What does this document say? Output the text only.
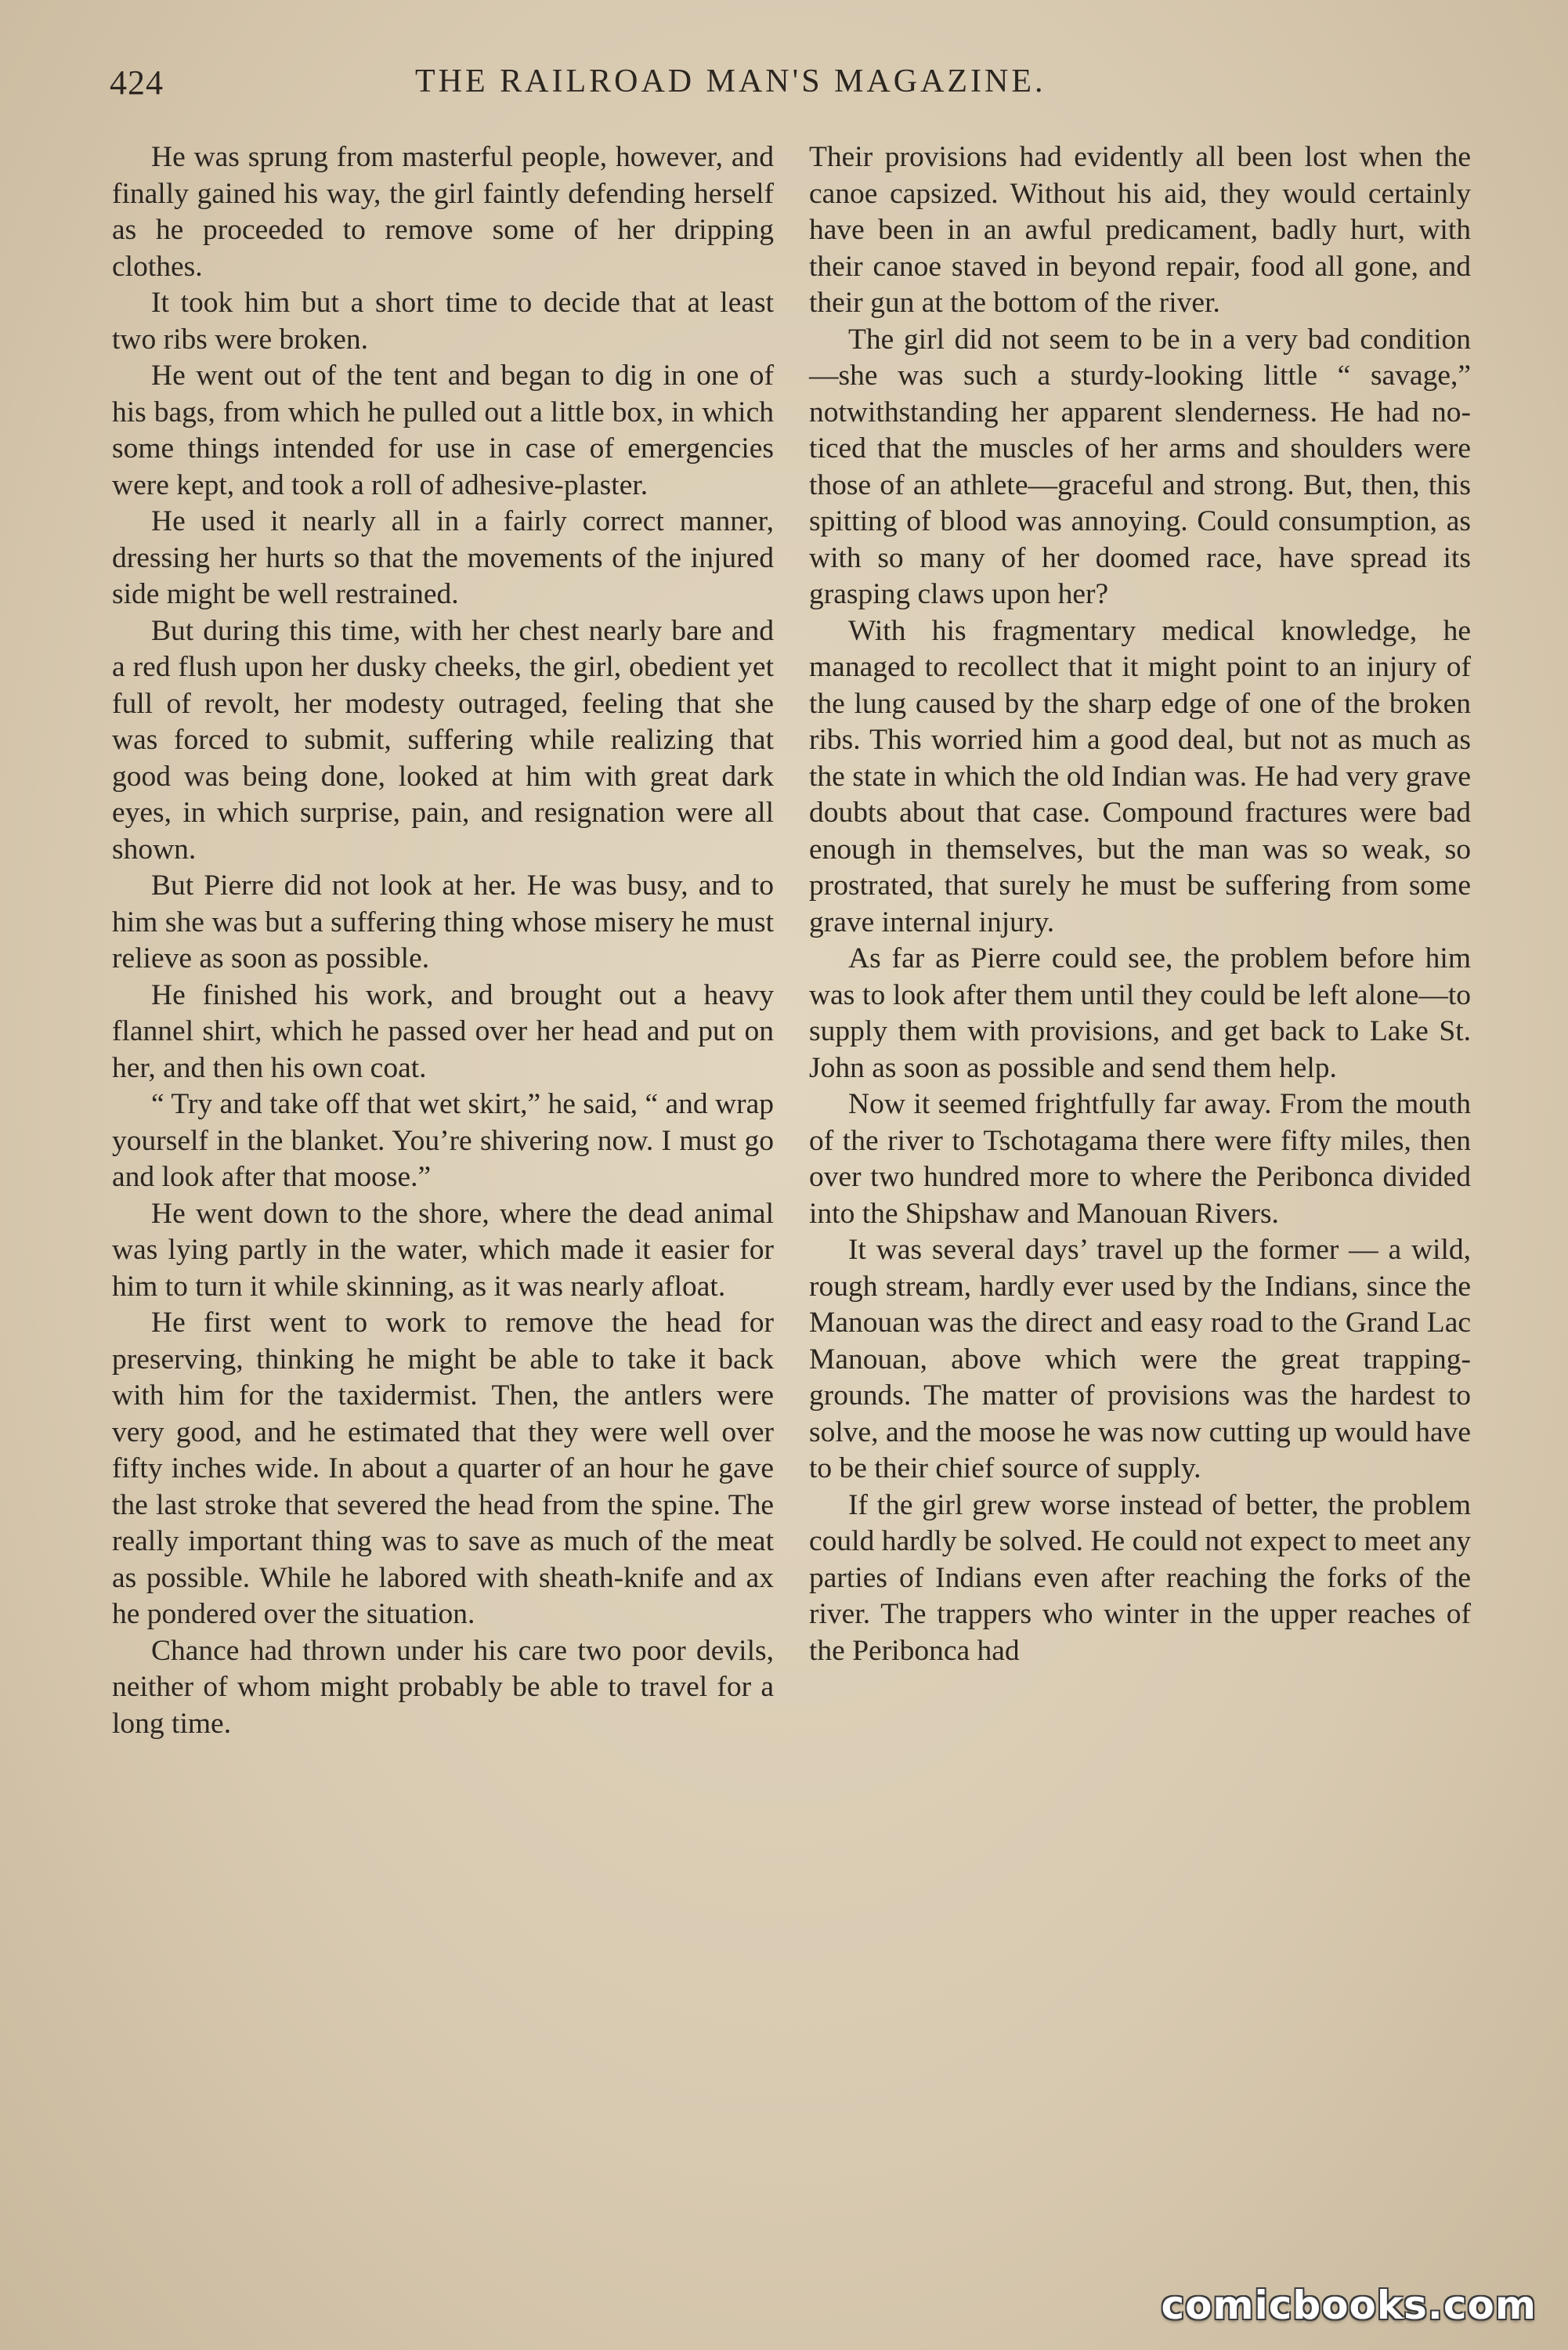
424	THE RAILROAD MAN'S MAGAZINE.

He was sprung from masterful people, however, and finally gained his way, the girl faintly defending herself as he proceeded to remove some of her dripping clothes.

It took him but a short time to decide that at least two ribs were broken.

He went out of the tent and began to dig in one of his bags, from which he pulled out a little box, in which some things intended for use in case of emergencies were kept, and took a roll of adhesive-plaster.

He used it nearly all in a fairly correct manner, dressing her hurts so that the movements of the injured side might be well restrained.

But during this time, with her chest nearly bare and a red flush upon her dusky cheeks, the girl, obedient yet full of revolt, her modesty outraged, feeling that she was forced to submit, suffering while realizing that good was being done, looked at him with great dark eyes, in which surprise, pain, and resignation were all shown.

But Pierre did not look at her. He was busy, and to him she was but a suffering thing whose misery he must relieve as soon as possible.

He finished his work, and brought out a heavy flannel shirt, which he passed over her head and put on her, and then his own coat.

“ Try and take off that wet skirt,” he said, “ and wrap yourself in the blanket. You’re shivering now. I must go and look after that moose.”

He went down to the shore, where the dead animal was lying partly in the water, which made it easier for him to turn it while skinning, as it was nearly afloat.

He first went to work to remove the head for preserving, thinking he might be able to take it back with him for the taxidermist. Then, the antlers were very good, and he estimated that they were well over fifty inches wide. In about a quarter of an hour he gave the last stroke that severed the head from the spine. The really important thing was to save as much of the meat as possible. While he labored with sheath-knife and ax he pondered over the situation.

Chance had thrown under his care two poor devils, neither of whom might probably be able to travel for a long time.

Their provisions had evidently all been lost when the canoe capsized. Without his aid, they would certainly have been in an awful predicament, badly hurt, with their canoe staved in beyond repair, food all gone, and their gun at the bottom of the river.

The girl did not seem to be in a very bad condition—she was such a sturdy-looking little “ savage,” notwithstanding her apparent slenderness. He had noticed that the muscles of her arms and shoulders were those of an athlete—graceful and strong. But, then, this spitting of blood was annoying. Could consumption, as with so many of her doomed race, have spread its grasping claws upon her?

With his fragmentary medical knowledge, he managed to recollect that it might point to an injury of the lung caused by the sharp edge of one of the broken ribs. This worried him a good deal, but not as much as the state in which the old Indian was. He had very grave doubts about that case. Compound fractures were bad enough in themselves, but the man was so weak, so prostrated, that surely he must be suffering from some grave internal injury.

As far as Pierre could see, the problem before him was to look after them until they could be left alone—to supply them with provisions, and get back to Lake St. John as soon as possible and send them help.

Now it seemed frightfully far away. From the mouth of the river to Tschotagama there were fifty miles, then over two hundred more to where the Peribonca divided into the Shipshaw and Manouan Rivers.

It was several days’ travel up the former — a wild, rough stream, hardly ever used by the Indians, since the Manouan was the direct and easy road to the Grand Lac Manouan, above which were the great trapping-grounds. The matter of provisions was the hardest to solve, and the moose he was now cutting up would have to be their chief source of supply.

If the girl grew worse instead of better, the problem could hardly be solved. He could not expect to meet any parties of Indians even after reaching the forks of the river. The trappers who winter in the upper reaches of the Peribonca had

comicbooks.com
